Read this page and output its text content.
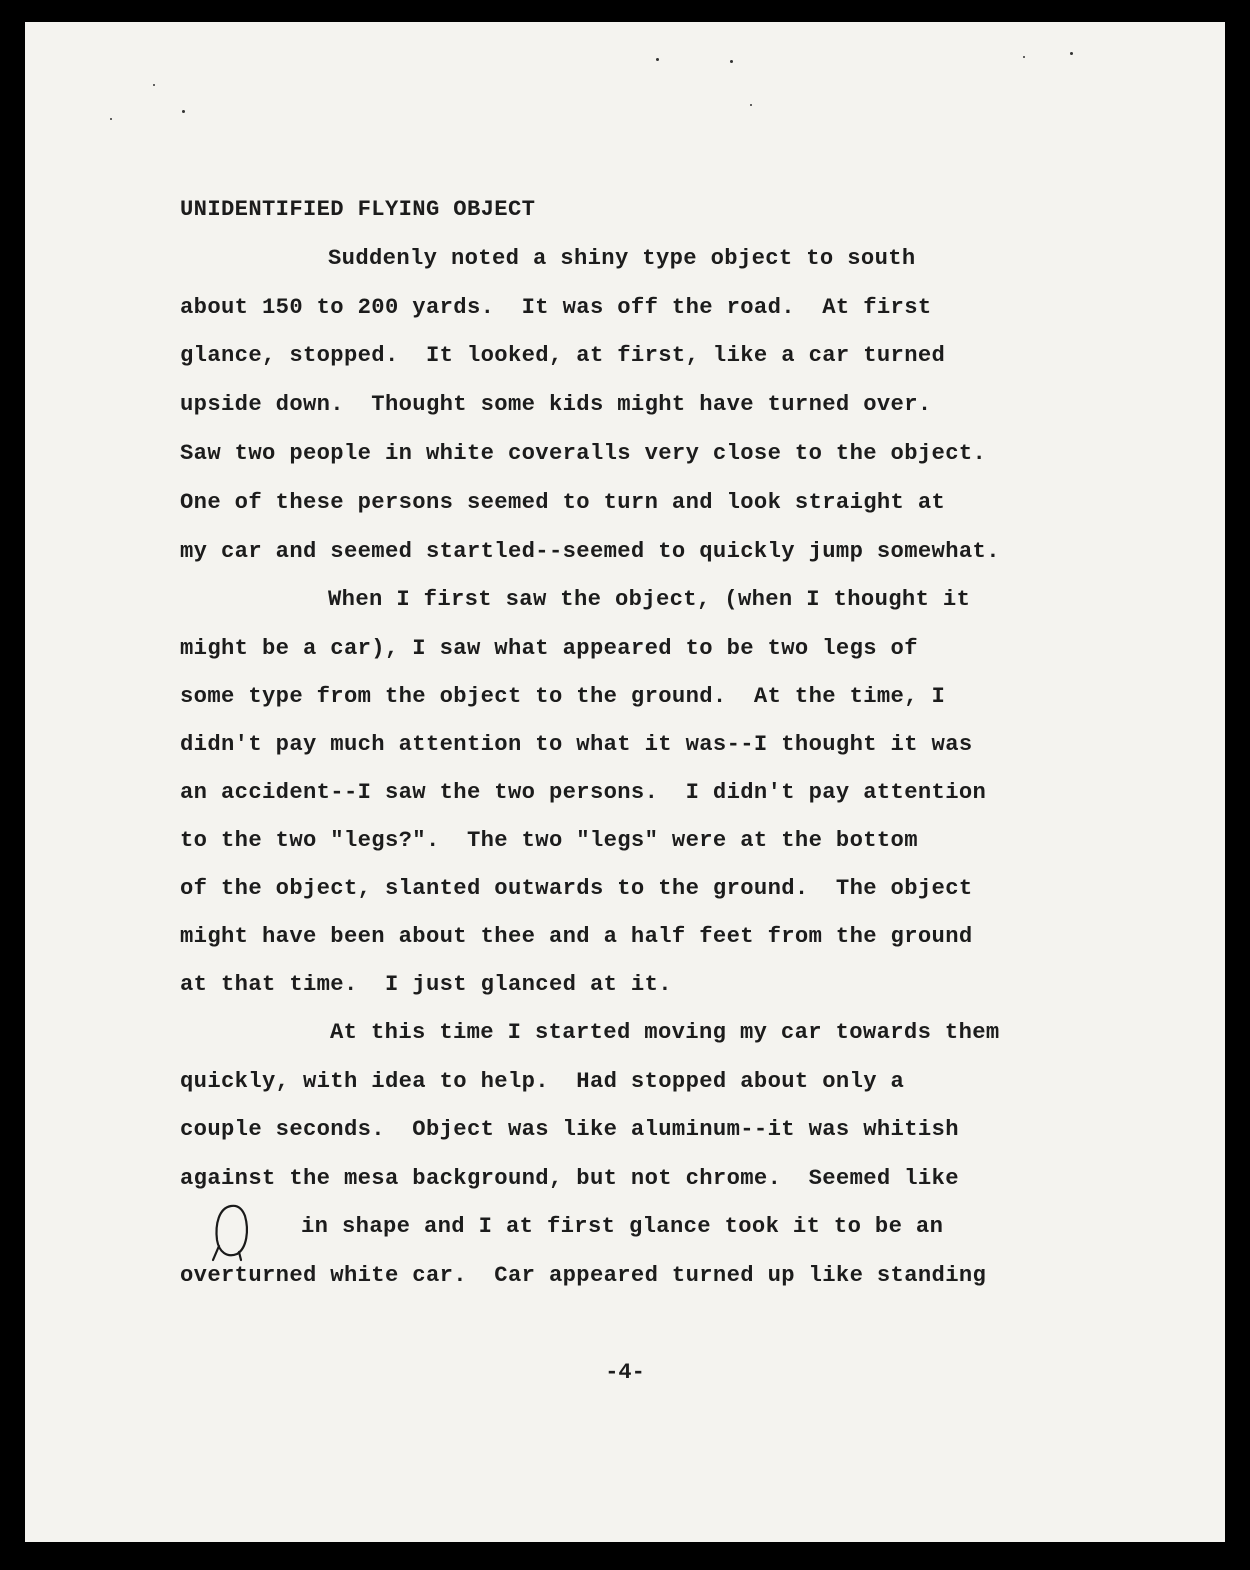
UNIDENTIFIED FLYING OBJECT
Suddenly noted a shiny type object to south
about 150 to 200 yards.  It was off the road.  At first
glance, stopped.  It looked, at first, like a car turned
upside down.  Thought some kids might have turned over.
Saw two people in white coveralls very close to the object.
One of these persons seemed to turn and look straight at
my car and seemed startled--seemed to quickly jump somewhat.
When I first saw the object, (when I thought it
might be a car), I saw what appeared to be two legs of
some type from the object to the ground.  At the time, I
didn't pay much attention to what it was--I thought it was
an accident--I saw the two persons.  I didn't pay attention
to the two "legs?".  The two "legs" were at the bottom
of the object, slanted outwards to the ground.  The object
might have been about thee and a half feet from the ground
at that time.  I just glanced at it.
At this time I started moving my car towards them
quickly, with idea to help.  Had stopped about only a
couple seconds.  Object was like aluminum--it was whitish
against the mesa background, but not chrome.  Seemed like
in shape and I at first glance took it to be an
overturned white car.  Car appeared turned up like standing
-4-
